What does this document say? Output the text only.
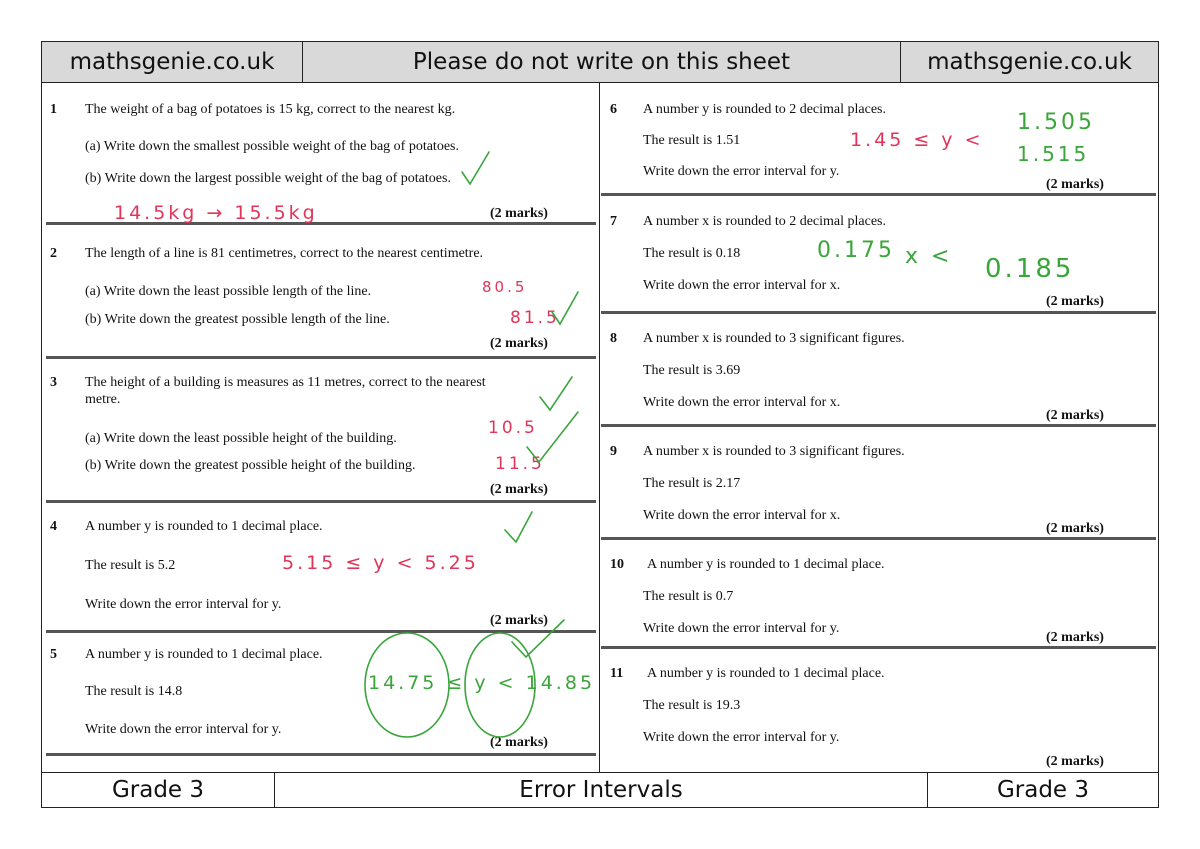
mathsgenie.co.uk	Please do not write on this sheet	mathsgenie.co.uk
1 The weight of a bag of potatoes is 15 kg, correct to the nearest kg.
(a) Write down the smallest possible weight of the bag of potatoes.
(b) Write down the largest possible weight of the bag of potatoes.
(2 marks)
2 The length of a line is 81 centimetres, correct to the nearest centimetre.
(a) Write down the least possible length of the line.
(b) Write down the greatest possible length of the line.
(2 marks)
3 The height of a building is measures as 11 metres, correct to the nearest
metre.
(a) Write down the least possible height of the building.
(b) Write down the greatest possible height of the building.
(2 marks)
4 A number y is rounded to 1 decimal place.
The result is 5.2
Write down the error interval for y.
(2 marks)
5 A number y is rounded to 1 decimal place.
The result is 14.8
Write down the error interval for y.
(2 marks)
6 A number y is rounded to 2 decimal places.
The result is 1.51
Write down the error interval for y.
(2 marks)
7 A number x is rounded to 2 decimal places.
The result is 0.18
Write down the error interval for x.
(2 marks)
8 A number x is rounded to 3 significant figures.
The result is 3.69
Write down the error interval for x.
(2 marks)
9 A number x is rounded to 3 significant figures.
The result is 2.17
Write down the error interval for x.
(2 marks)
10 A number y is rounded to 1 decimal place.
The result is 0.7
Write down the error interval for y.
(2 marks)
11 A number y is rounded to 1 decimal place.
The result is 19.3
Write down the error interval for y.
(2 marks)
14.5kg → 15.5kg
80.5
81.5
10.5
11.5
5.15 ≤ y < 5.25
14.75 ≤ y < 14.85
1.45 ≤ y <
1.505
1.515
0.175 x < 0.185
Grade 3	Error Intervals	Grade 3
